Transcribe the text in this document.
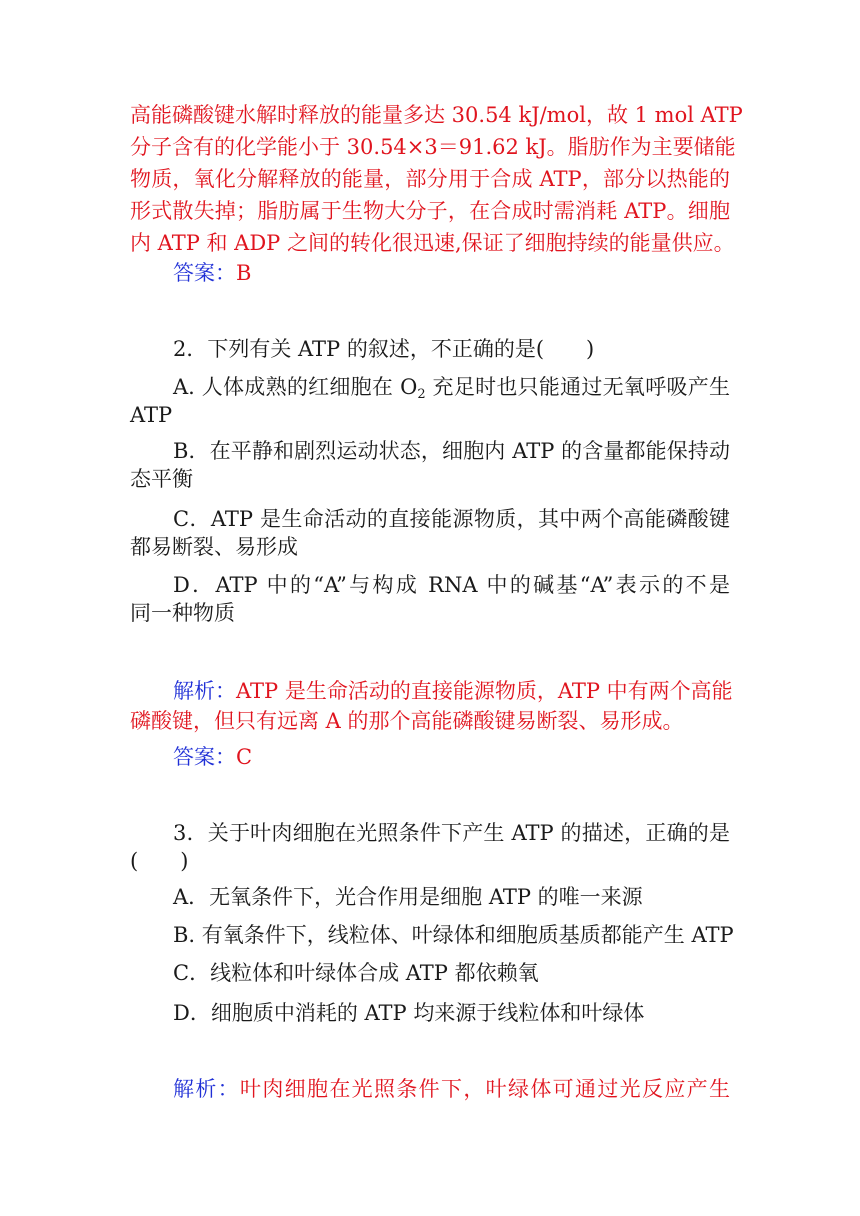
高能磷酸键水解时释放的能量多达 30.54 kJ/mol，故 1 mol ATP
分子含有的化学能小于 30.54×3＝91.62 kJ。脂肪作为主要储能
物质，氧化分解释放的能量，部分用于合成 ATP，部分以热能的
形式散失掉；脂肪属于生物大分子，在合成时需消耗 ATP。细胞
内 ATP 和 ADP 之间的转化很迅速,保证了细胞持续的能量供应。
答案：B
2．下列有关 ATP 的叙述，不正确的是(　　)
A. 人体成熟的红细胞在 $O_2$ 充足时也只能通过无氧呼吸产生
ATP
B．在平静和剧烈运动状态，细胞内 ATP 的含量都能保持动
态平衡
C．ATP 是生命活动的直接能源物质，其中两个高能磷酸键
都易断裂、易形成
D．ATP 中的“A”与构成 RNA 中的碱基“A”表示的不是
同一种物质
解析：ATP 是生命活动的直接能源物质，ATP 中有两个高能
磷酸键，但只有远离 A 的那个高能磷酸键易断裂、易形成。
答案：C
3．关于叶肉细胞在光照条件下产生 ATP 的描述，正确的是
(　　)
A．无氧条件下，光合作用是细胞 ATP 的唯一来源
B. 有氧条件下，线粒体、叶绿体和细胞质基质都能产生 ATP
C．线粒体和叶绿体合成 ATP 都依赖氧
D．细胞质中消耗的 ATP 均来源于线粒体和叶绿体
解析：叶肉细胞在光照条件下，叶绿体可通过光反应产生
